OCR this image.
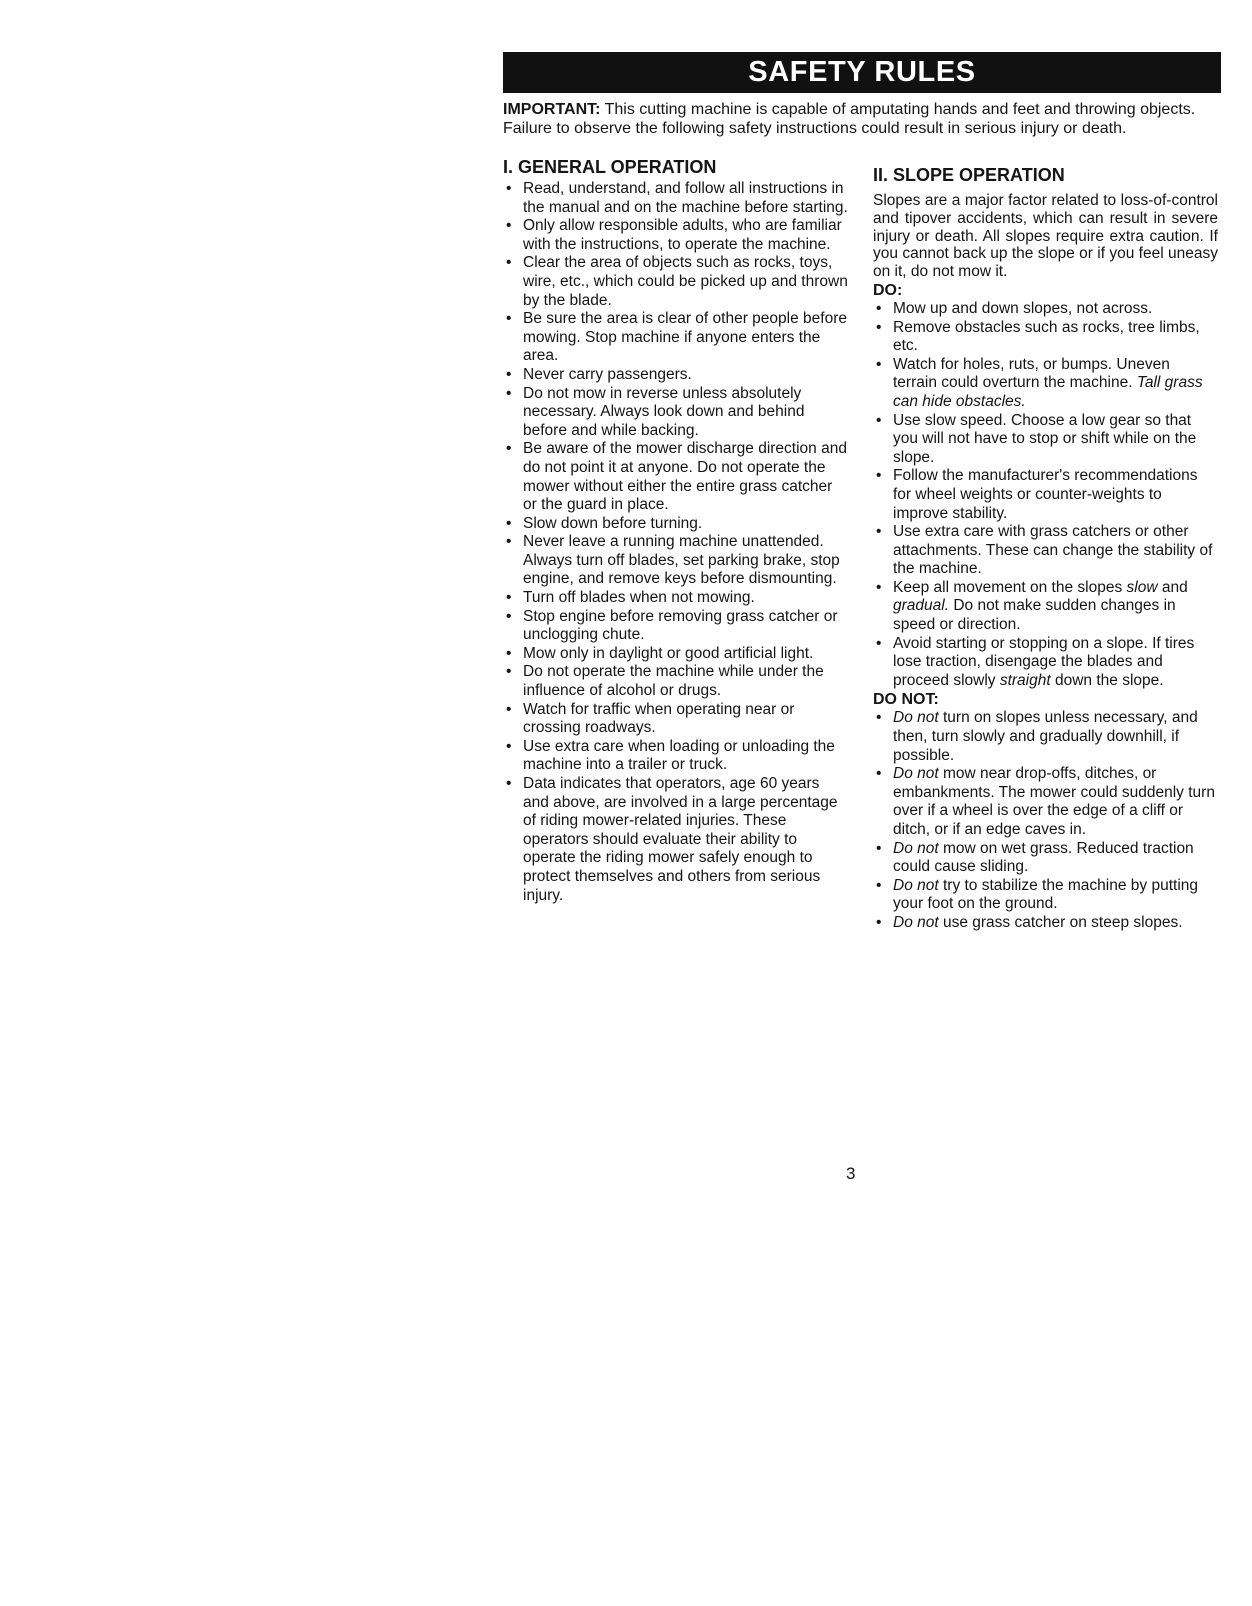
SAFETY RULES

IMPORTANT: This cutting machine is capable of amputating hands and feet and throwing objects. Failure to observe the following safety instructions could result in serious injury or death.

I. GENERAL OPERATION
• Read, understand, and follow all instructions in the manual and on the machine before starting.
• Only allow responsible adults, who are familiar with the instructions, to operate the machine.
• Clear the area of objects such as rocks, toys, wire, etc., which could be picked up and thrown by the blade.
• Be sure the area is clear of other people before mowing. Stop machine if anyone enters the area.
• Never carry passengers.
• Do not mow in reverse unless absolutely necessary. Always look down and behind before and while backing.
• Be aware of the mower discharge direction and do not point it at anyone. Do not operate the mower without either the entire grass catcher or the guard in place.
• Slow down before turning.
• Never leave a running machine unattended. Always turn off blades, set parking brake, stop engine, and remove keys before dismounting.
• Turn off blades when not mowing.
• Stop engine before removing grass catcher or unclogging chute.
• Mow only in daylight or good artificial light.
• Do not operate the machine while under the influence of alcohol or drugs.
• Watch for traffic when operating near or crossing roadways.
• Use extra care when loading or unloading the machine into a trailer or truck.
• Data indicates that operators, age 60 years and above, are involved in a large percentage of riding mower-related injuries. These operators should evaluate their ability to operate the riding mower safely enough to protect themselves and others from serious injury.
II. SLOPE OPERATION

Slopes are a major factor related to loss-of-control and tipover accidents, which can result in severe injury or death. All slopes require extra caution. If you cannot back up the slope or if you feel uneasy on it, do not mow it.

DO:

• Mow up and down slopes, not across.
• Remove obstacles such as rocks, tree limbs, etc.
• Watch for holes, ruts, or bumps. Uneven terrain could overturn the machine. Tall grass can hide obstacles.
• Use slow speed. Choose a low gear so that you will not have to stop or shift while on the slope.
• Follow the manufacturer's recommendations for wheel weights or counter-weights to improve stability.
• Use extra care with grass catchers or other attachments. These can change the stability of the machine.
• Keep all movement on the slopes slow and gradual. Do not make sudden changes in speed or direction.
• Avoid starting or stopping on a slope. If tires lose traction, disengage the blades and proceed slowly straight down the slope.

DO NOT:

• Do not turn on slopes unless necessary, and then, turn slowly and gradually downhill, if possible.
• Do not mow near drop-offs, ditches, or embankments. The mower could suddenly turn over if a wheel is over the edge of a cliff or ditch, or if an edge caves in.
• Do not mow on wet grass. Reduced traction could cause sliding.
• Do not try to stabilize the machine by putting your foot on the ground.
• Do not use grass catcher on steep slopes.
3
